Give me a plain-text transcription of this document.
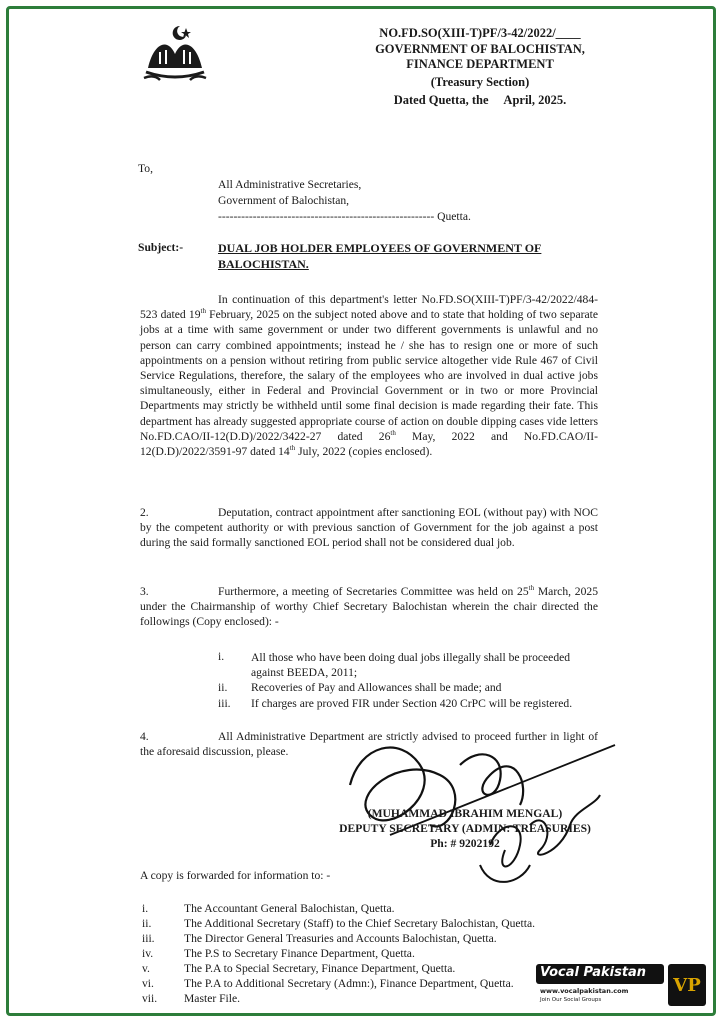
NO.FD.SO(XIII-T)PF/3-42/2022/____
GOVERNMENT OF BALOCHISTAN,
FINANCE DEPARTMENT
(Treasury Section)
Dated Quetta, the     April, 2025.
To,
All Administrative Secretaries,
Government of Balochistan,
-------------------------------------------------------- Quetta.
Subject:-	DUAL JOB HOLDER EMPLOYEES OF GOVERNMENT OF BALOCHISTAN.
In continuation of this department's letter No.FD.SO(XIII-T)PF/3-42/2022/484-523 dated 19th February, 2025 on the subject noted above and to state that holding of two separate jobs at a time with same government or under two different governments is unlawful and no person can carry combined appointments; instead he / she has to resign one or more of such appointments on a pension without retiring from public service altogether vide Rule 467 of Civil Service Regulations, therefore, the salary of the employees who are involved in dual active jobs simultaneously, either in Federal and Provincial Government or in two or more Provincial Departments may strictly be withheld until some final decision is made regarding their fate. This department has already suggested appropriate course of action on double dipping cases vide letters No.FD.CAO/II-12(D.D)/2022/3422-27 dated 26th May, 2022 and No.FD.CAO/II-12(D.D)/2022/3591-97 dated 14th July, 2022 (copies enclosed).
2.	Deputation, contract appointment after sanctioning EOL (without pay) with NOC by the competent authority or with previous sanction of Government for the job against a post during the said formally sanctioned EOL period shall not be considered dual job.
3.	Furthermore, a meeting of Secretaries Committee was held on 25th March, 2025 under the Chairmanship of worthy Chief Secretary Balochistan wherein the chair directed the followings (Copy enclosed): -
i.	All those who have been doing dual jobs illegally shall be proceeded against BEEDA, 2011;
ii.	Recoveries of Pay and Allowances shall be made; and
iii.	If charges are proved FIR under Section 420 CrPC will be registered.
4.	All Administrative Department are strictly advised to proceed further in light of the aforesaid discussion, please.
(MUHAMMAD IBRAHIM MENGAL)
DEPUTY SECRETARY (ADMIN: TREASURIES)
Ph: # 9202192
A copy is forwarded for information to: -
i.	The Accountant General Balochistan, Quetta.
ii.	The Additional Secretary (Staff) to the Chief Secretary Balochistan, Quetta.
iii.	The Director General Treasuries and Accounts Balochistan, Quetta.
iv.	The P.S to Secretary Finance Department, Quetta.
v.	The P.A to Special Secretary, Finance Department, Quetta.
vi.	The P.A to Additional Secretary (Admn:), Finance Department, Quetta.
vii.	Master File.
Vocal Pakistan
www.vocalpakistan.com
Join Our Social Groups
VP
